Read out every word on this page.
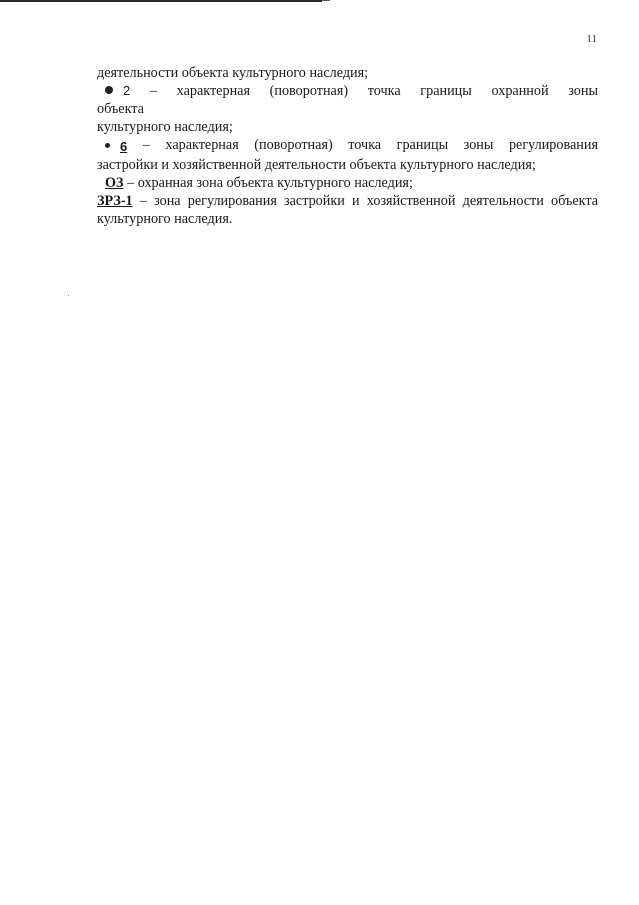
11

деятельности объекта культурного наследия;

2 – характерная (поворотная) точка границы охранной зоны объекта

культурного наследия;

6 – характерная (поворотная) точка границы зоны регулирования

застройки и хозяйственной деятельности объекта культурного наследия;

ОЗ – охранная зона объекта культурного наследия;

ЗРЗ-1 – зона регулирования застройки и хозяйственной деятельности объекта

культурного наследия.
